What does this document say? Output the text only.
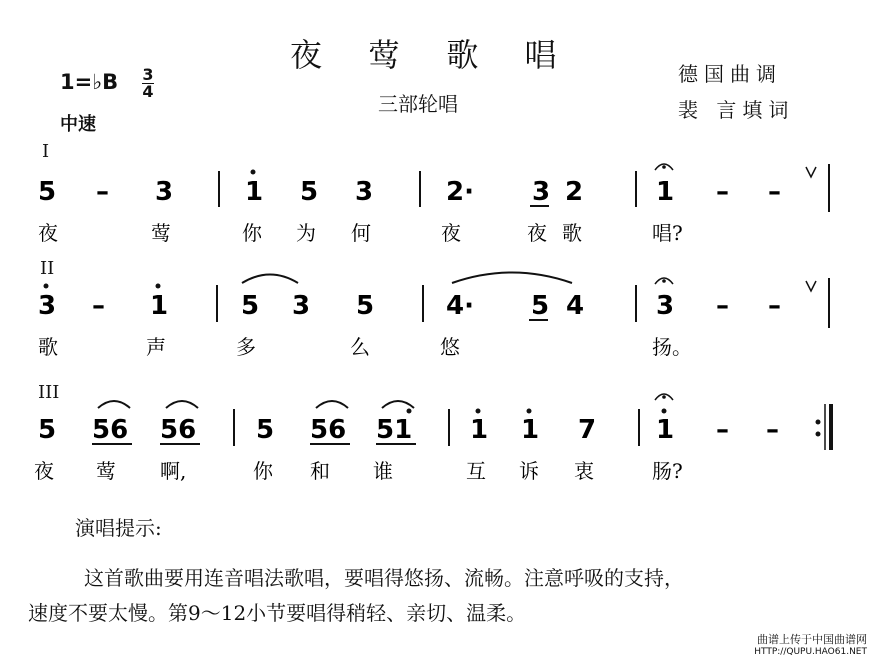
夜 莺 歌 唱
三部轮唱
德国曲调
裴 言填词
1=♭B 3
4
中速
I
II
III
5 – 3	1 5 3	2· 3 2	1 – –
夜	莺	你 为 何	夜	夜 歌	唱?
3 – 1	5 3 5	4· 5 4	3 – –
歌	声	多	么	悠	扬。
5 56 56 5 56 51 1 1 7 1 – –
夜 莺 啊,	你 和 谁	互 诉 衷	肠?
演唱提示:
这首歌曲要用连音唱法歌唱，要唱得悠扬、流畅。注意呼吸的支持，
速度不要太慢。第9～12小节要唱得稍轻、亲切、温柔。
曲谱上传于中国曲谱网
HTTP://QUPU.HAO61.NET
